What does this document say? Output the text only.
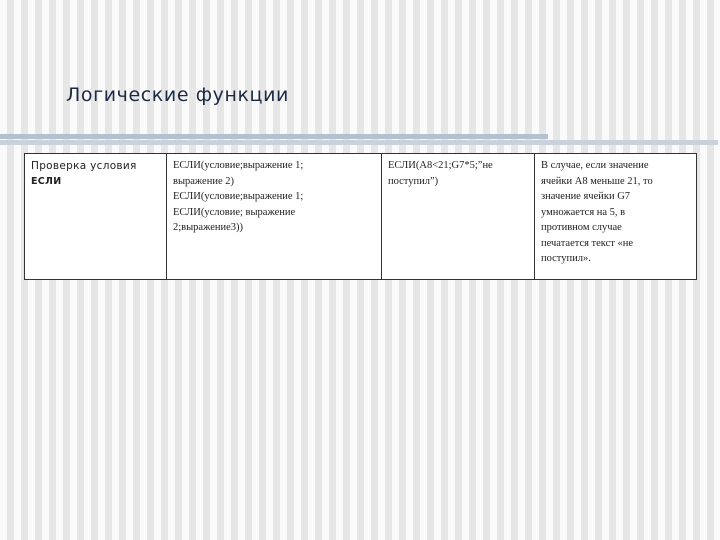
Логические функции
Проверка условия
ЕСЛИ

ЕСЛИ(условие;выражение 1;
выражение 2)
ЕСЛИ(условие;выражение 1;
ЕСЛИ(условие; выражение
2;выражение3))

ЕСЛИ(A8<21;G7*5;”не
поступил”)

В случае, если значение
ячейки A8 меньше 21, то
значение ячейки G7
умножается на 5, в
противном случае
печатается текст «не
поступил».
